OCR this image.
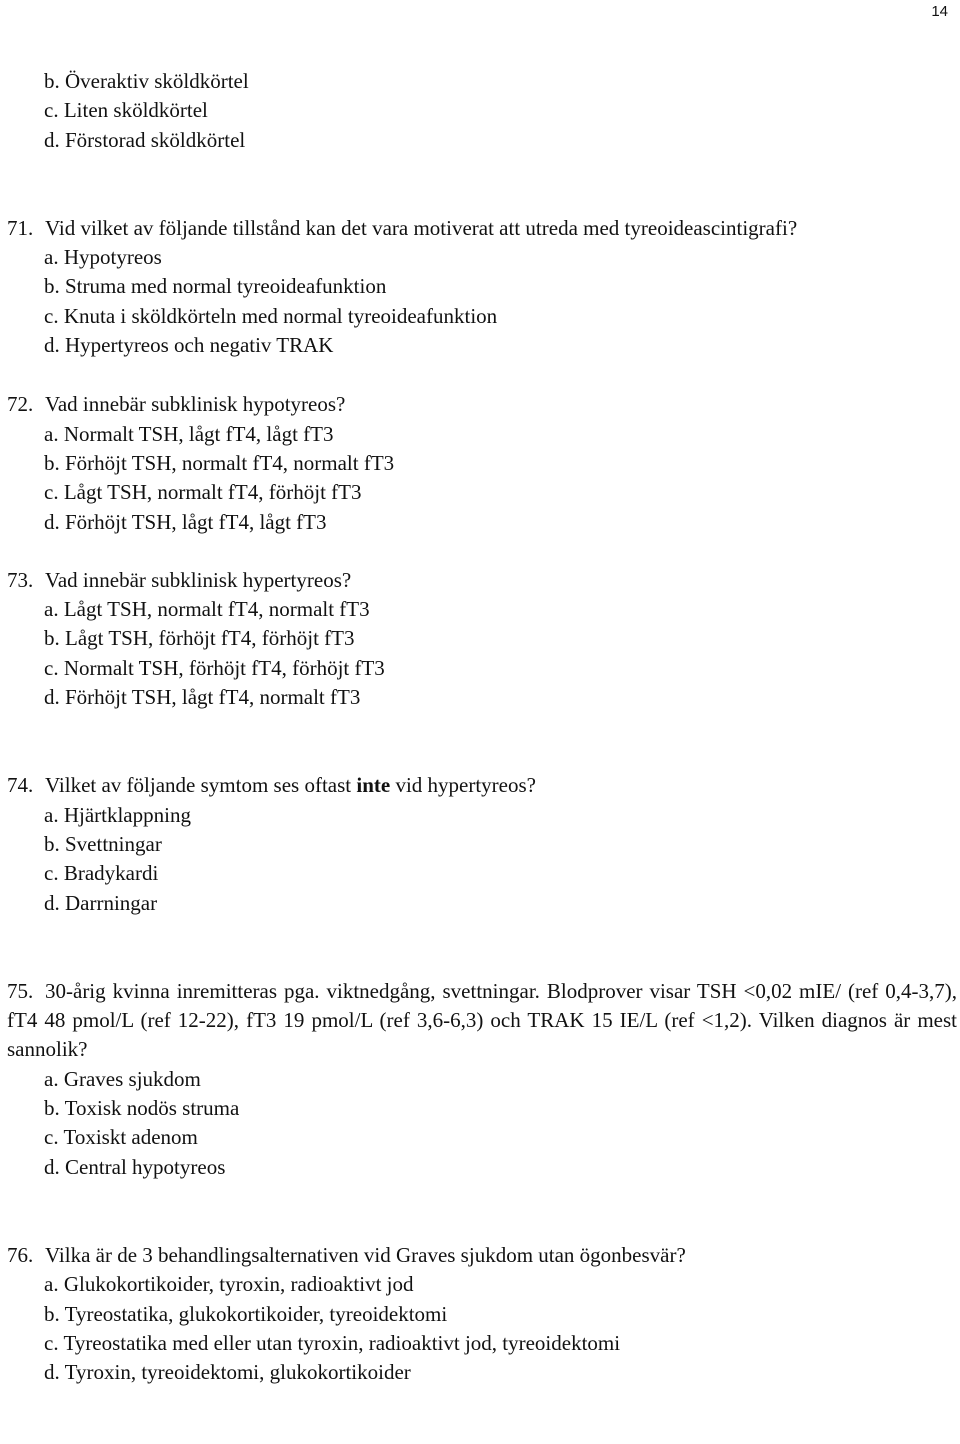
14
b. Överaktiv sköldkörtel
c. Liten sköldkörtel
d. Förstorad sköldkörtel
71. Vid vilket av följande tillstånd kan det vara motiverat att utreda med tyreoideascintigrafi?
a. Hypotyreos
b. Struma med normal tyreoideafunktion
c. Knuta i sköldkörteln med normal tyreoideafunktion
d. Hypertyreos och negativ TRAK
72. Vad innebär subklinisk hypotyreos?
a. Normalt TSH, lågt fT4, lågt fT3
b. Förhöjt TSH, normalt fT4, normalt fT3
c. Lågt TSH, normalt fT4, förhöjt fT3
d. Förhöjt TSH, lågt fT4, lågt fT3
73. Vad innebär subklinisk hypertyreos?
a. Lågt TSH, normalt fT4, normalt fT3
b. Lågt TSH, förhöjt fT4, förhöjt fT3
c. Normalt TSH, förhöjt fT4, förhöjt fT3
d. Förhöjt TSH, lågt fT4, normalt fT3
74. Vilket av följande symtom ses oftast inte vid hypertyreos?
a. Hjärtklappning
b. Svettningar
c. Bradykardi
d. Darrningar
75. 30-årig kvinna inremitteras pga. viktnedgång, svettningar. Blodprover visar TSH <0,02 mIE/ (ref 0,4-3,7), fT4 48 pmol/L (ref 12-22), fT3 19 pmol/L (ref 3,6-6,3) och TRAK 15 IE/L (ref <1,2). Vilken diagnos är mest sannolik?
a. Graves sjukdom
b. Toxisk nodös struma
c. Toxiskt adenom
d. Central hypotyreos
76. Vilka är de 3 behandlingsalternativen vid Graves sjukdom utan ögonbesvär?
a. Glukokortikoider, tyroxin, radioaktivt jod
b. Tyreostatika, glukokortikoider, tyreoidektomi
c. Tyreostatika med eller utan tyroxin, radioaktivt jod, tyreoidektomi
d. Tyroxin, tyreoidektomi, glukokortikoider
